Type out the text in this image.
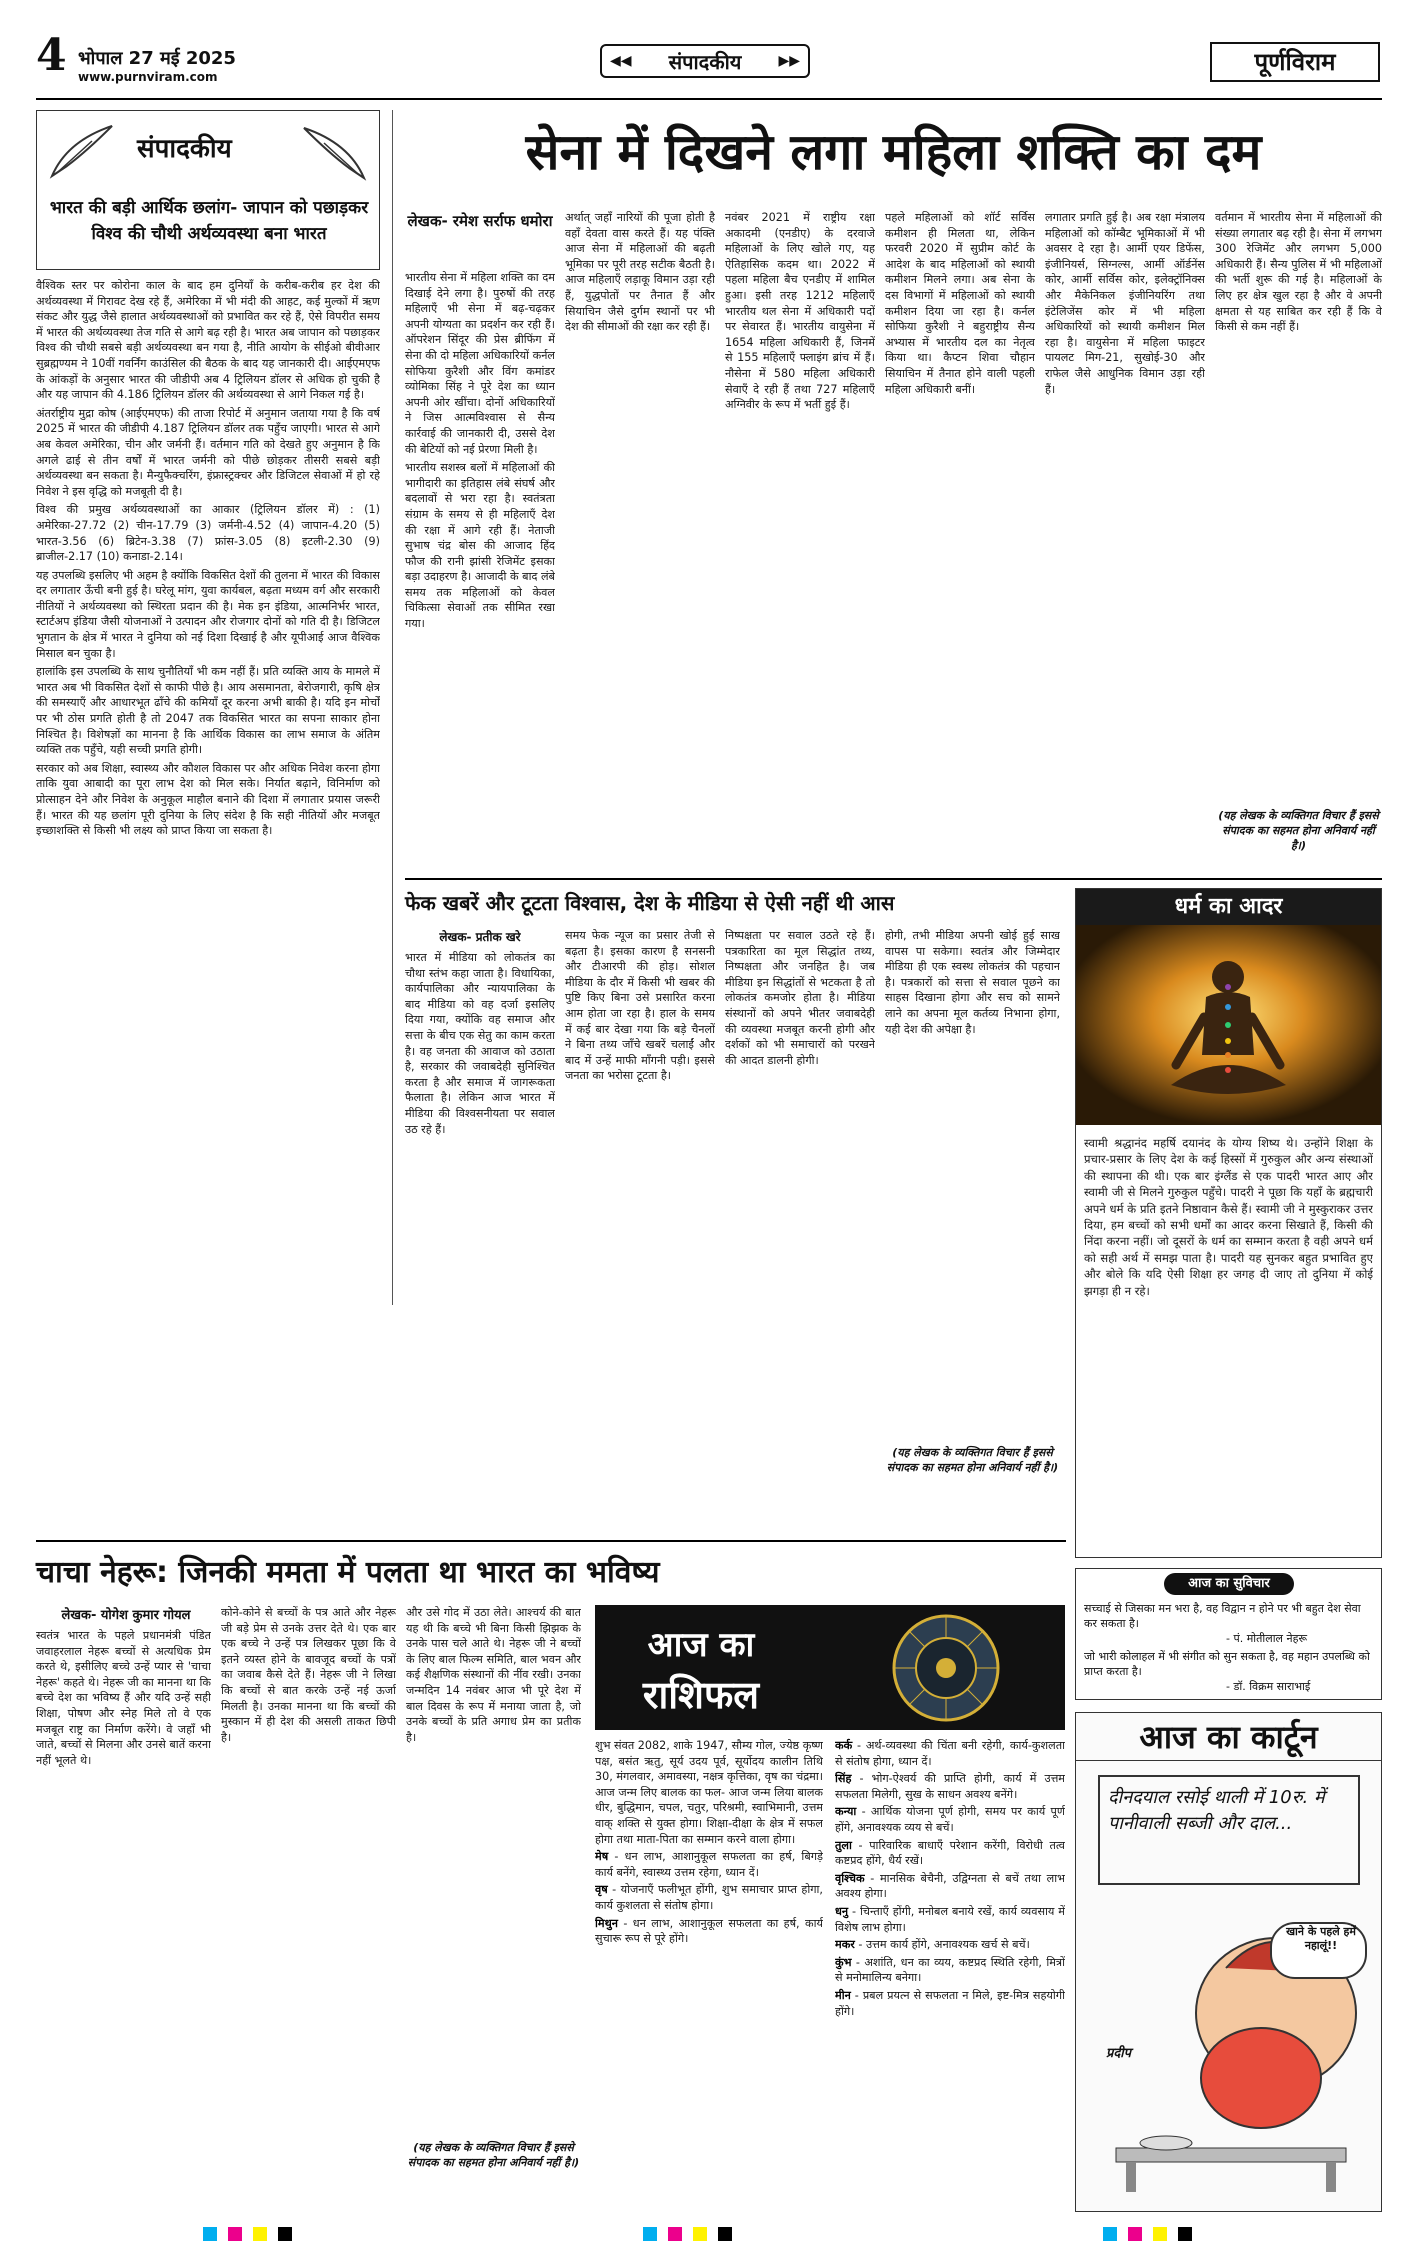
4 भोपाल 27 मई 2025
www.purnviram.com
◀◀ संपादकीय	▶▶	पूर्णविराम
संपादकीय
भारत की बड़ी आर्थिक छलांग- जापान को पछाड़कर विश्व की चौथी अर्थव्यवस्था बना भारत

वैश्विक स्तर पर कोरोना काल के बाद हम दुनियाँ के करीब-करीब हर देश की अर्थव्यवस्था में गिरावट देख रहे हैं, अमेरिका में भी मंदी की आहट, कई मुल्कों में ऋण संकट और युद्ध जैसे हालात अर्थव्यवस्थाओं को प्रभावित कर रहे हैं, ऐसे विपरीत समय में भारत की अर्थव्यवस्था तेज गति से आगे बढ़ रही है। भारत अब जापान को पछाड़कर विश्व की चौथी सबसे बड़ी अर्थव्यवस्था बन गया है, नीति आयोग के सीईओ बीवीआर सुब्रह्मण्यम ने 10वीं गवर्निंग काउंसिल की बैठक के बाद यह जानकारी दी। आईएमएफ के आंकड़ों के अनुसार भारत की जीडीपी अब 4 ट्रिलियन डॉलर से अधिक हो चुकी है और यह जापान की 4.186 ट्रिलियन डॉलर की अर्थव्यवस्था से आगे निकल गई है।

अंतर्राष्ट्रीय मुद्रा कोष (आईएमएफ) की ताजा रिपोर्ट में अनुमान जताया गया है कि वर्ष 2025 में भारत की जीडीपी 4.187 ट्रिलियन डॉलर तक पहुँच जाएगी। भारत से आगे अब केवल अमेरिका, चीन और जर्मनी हैं। वर्तमान गति को देखते हुए अनुमान है कि अगले ढाई से तीन वर्षों में भारत जर्मनी को पीछे छोड़कर तीसरी सबसे बड़ी अर्थव्यवस्था बन सकता है। मैन्युफैक्चरिंग, इंफ्रास्ट्रक्चर और डिजिटल सेवाओं में हो रहे निवेश ने इस वृद्धि को मजबूती दी है।

विश्व की प्रमुख अर्थव्यवस्थाओं का आकार (ट्रिलियन डॉलर में) : (1) अमेरिका-27.72 (2) चीन-17.79 (3) जर्मनी-4.52 (4) जापान-4.20 (5) भारत-3.56 (6) ब्रिटेन-3.38 (7) फ्रांस-3.05 (8) इटली-2.30 (9) ब्राजील-2.17 (10) कनाडा-2.14।

यह उपलब्धि इसलिए भी अहम है क्योंकि विकसित देशों की तुलना में भारत की विकास दर लगातार ऊँची बनी हुई है। घरेलू मांग, युवा कार्यबल, बढ़ता मध्यम वर्ग और सरकारी नीतियों ने अर्थव्यवस्था को स्थिरता प्रदान की है। मेक इन इंडिया, आत्मनिर्भर भारत, स्टार्टअप इंडिया जैसी योजनाओं ने उत्पादन और रोजगार दोनों को गति दी है। डिजिटल भुगतान के क्षेत्र में भारत ने दुनिया को नई दिशा दिखाई है और यूपीआई आज वैश्विक मिसाल बन चुका है।

हालांकि इस उपलब्धि के साथ चुनौतियाँ भी कम नहीं हैं। प्रति व्यक्ति आय के मामले में भारत अब भी विकसित देशों से काफी पीछे है। आय असमानता, बेरोजगारी, कृषि क्षेत्र की समस्याएँ और आधारभूत ढाँचे की कमियाँ दूर करना अभी बाकी है। यदि इन मोर्चों पर भी ठोस प्रगति होती है तो 2047 तक विकसित भारत का सपना साकार होना निश्चित है। विशेषज्ञों का मानना है कि आर्थिक विकास का लाभ समाज के अंतिम व्यक्ति तक पहुँचे, यही सच्ची प्रगति होगी।

सरकार को अब शिक्षा, स्वास्थ्य और कौशल विकास पर और अधिक निवेश करना होगा ताकि युवा आबादी का पूरा लाभ देश को मिल सके। निर्यात बढ़ाने, विनिर्माण को प्रोत्साहन देने और निवेश के अनुकूल माहौल बनाने की दिशा में लगातार प्रयास जरूरी हैं। भारत की यह छलांग पूरी दुनिया के लिए संदेश है कि सही नीतियों और मजबूत इच्छाशक्ति से किसी भी लक्ष्य को प्राप्त किया जा सकता है।

सेना में दिखने लगा महिला शक्ति का दम
लेखक- रमेश सर्राफ धमोरा

भारतीय सेना में महिला शक्ति का दम दिखाई देने लगा है। पुरुषों की तरह महिलाएँ भी सेना में बढ़-चढ़कर अपनी योग्यता का प्रदर्शन कर रही हैं। ऑपरेशन सिंदूर की प्रेस ब्रीफिंग में सेना की दो महिला अधिकारियों कर्नल सोफिया कुरैशी और विंग कमांडर व्योमिका सिंह ने पूरे देश का ध्यान अपनी ओर खींचा। दोनों अधिकारियों ने जिस आत्मविश्वास से सैन्य कार्रवाई की जानकारी दी, उससे देश की बेटियों को नई प्रेरणा मिली है।

भारतीय सशस्त्र बलों में महिलाओं की भागीदारी का इतिहास लंबे संघर्ष और बदलावों से भरा रहा है। स्वतंत्रता संग्राम के समय से ही महिलाएँ देश की रक्षा में आगे रही हैं। नेताजी सुभाष चंद्र बोस की आजाद हिंद फौज की रानी झांसी रेजिमेंट इसका बड़ा उदाहरण है। आजादी के बाद लंबे समय तक महिलाओं को केवल चिकित्सा सेवाओं तक सीमित रखा गया।

अर्थात् जहाँ नारियों की पूजा होती है वहाँ देवता वास करते हैं। यह पंक्ति आज सेना में महिलाओं की बढ़ती भूमिका पर पूरी तरह सटीक बैठती है। आज महिलाएँ लड़ाकू विमान उड़ा रही हैं, युद्धपोतों पर तैनात हैं और सियाचिन जैसे दुर्गम स्थानों पर भी देश की सीमाओं की रक्षा कर रही हैं।

नवंबर 2021 में राष्ट्रीय रक्षा अकादमी (एनडीए) के दरवाजे महिलाओं के लिए खोले गए, यह ऐतिहासिक कदम था। 2022 में पहला महिला बैच एनडीए में शामिल हुआ। इसी तरह 1212 महिलाएँ भारतीय थल सेना में अधिकारी पदों पर सेवारत हैं। भारतीय वायुसेना में 1654 महिला अधिकारी हैं, जिनमें से 155 महिलाएँ फ्लाइंग ब्रांच में हैं। नौसेना में 580 महिला अधिकारी सेवाएँ दे रही हैं तथा 727 महिलाएँ अग्निवीर के रूप में भर्ती हुई हैं।

पहले महिलाओं को शॉर्ट सर्विस कमीशन ही मिलता था, लेकिन फरवरी 2020 में सुप्रीम कोर्ट के आदेश के बाद महिलाओं को स्थायी कमीशन मिलने लगा। अब सेना के दस विभागों में महिलाओं को स्थायी कमीशन दिया जा रहा है। कर्नल सोफिया कुरैशी ने बहुराष्ट्रीय सैन्य अभ्यास में भारतीय दल का नेतृत्व किया था। कैप्टन शिवा चौहान सियाचिन में तैनात होने वाली पहली महिला अधिकारी बनीं।

लगातार प्रगति हुई है। अब रक्षा मंत्रालय महिलाओं को कॉम्बैट भूमिकाओं में भी अवसर दे रहा है। आर्मी एयर डिफेंस, इंजीनियर्स, सिग्नल्स, आर्मी ऑर्डनेंस कोर, आर्मी सर्विस कोर, इलेक्ट्रॉनिक्स और मैकेनिकल इंजीनियरिंग तथा इंटेलिजेंस कोर में भी महिला अधिकारियों को स्थायी कमीशन मिल रहा है। वायुसेना में महिला फाइटर पायलट मिग-21, सुखोई-30 और राफेल जैसे आधुनिक विमान उड़ा रही हैं।

वर्तमान में भारतीय सेना में महिलाओं की संख्या लगातार बढ़ रही है। सेना में लगभग 300 रेजिमेंट और लगभग 5,000 अधिकारी हैं। सैन्य पुलिस में भी महिलाओं की भर्ती शुरू की गई है। महिलाओं के लिए हर क्षेत्र खुल रहा है और वे अपनी क्षमता से यह साबित कर रही हैं कि वे किसी से कम नहीं हैं।

(यह लेखक के व्यक्तिगत विचार हैं इससे संपादक का सहमत होना अनिवार्य नहीं है।)
फेक खबरें और टूटता विश्वास, देश के मीडिया से ऐसी नहीं थी आस
लेखक- प्रतीक खरे

भारत में मीडिया को लोकतंत्र का चौथा स्तंभ कहा जाता है। विधायिका, कार्यपालिका और न्यायपालिका के बाद मीडिया को वह दर्जा इसलिए दिया गया, क्योंकि वह समाज और सत्ता के बीच एक सेतु का काम करता है। वह जनता की आवाज को उठाता है, सरकार की जवाबदेही सुनिश्चित करता है और समाज में जागरूकता फैलाता है। लेकिन आज भारत में मीडिया की विश्वसनीयता पर सवाल उठ रहे हैं।

समय फेक न्यूज का प्रसार तेजी से बढ़ता है। इसका कारण है सनसनी और टीआरपी की होड़। सोशल मीडिया के दौर में किसी भी खबर की पुष्टि किए बिना उसे प्रसारित करना आम होता जा रहा है। हाल के समय में कई बार देखा गया कि बड़े चैनलों ने बिना तथ्य जाँचे खबरें चलाईं और बाद में उन्हें माफी माँगनी पड़ी। इससे जनता का भरोसा टूटता है।

निष्पक्षता पर सवाल उठते रहे हैं। पत्रकारिता का मूल सिद्धांत तथ्य, निष्पक्षता और जनहित है। जब मीडिया इन सिद्धांतों से भटकता है तो लोकतंत्र कमजोर होता है। मीडिया संस्थानों को अपने भीतर जवाबदेही की व्यवस्था मजबूत करनी होगी और दर्शकों को भी समाचारों को परखने की आदत डालनी होगी।

होगी, तभी मीडिया अपनी खोई हुई साख वापस पा सकेगा। स्वतंत्र और जिम्मेदार मीडिया ही एक स्वस्थ लोकतंत्र की पहचान है। पत्रकारों को सत्ता से सवाल पूछने का साहस दिखाना होगा और सच को सामने लाने का अपना मूल कर्तव्य निभाना होगा, यही देश की अपेक्षा है।

(यह लेखक के व्यक्तिगत विचार हैं इससे संपादक का सहमत होना अनिवार्य नहीं है।)
धर्म का आदर
स्वामी श्रद्धानंद महर्षि दयानंद के योग्य शिष्य थे। उन्होंने शिक्षा के प्रचार-प्रसार के लिए देश के कई हिस्सों में गुरुकुल और अन्य संस्थाओं की स्थापना की थी। एक बार इंग्लैंड से एक पादरी भारत आए और स्वामी जी से मिलने गुरुकुल पहुँचे। पादरी ने पूछा कि यहाँ के ब्रह्मचारी अपने धर्म के प्रति इतने निष्ठावान कैसे हैं। स्वामी जी ने मुस्कुराकर उत्तर दिया, हम बच्चों को सभी धर्मों का आदर करना सिखाते हैं, किसी की निंदा करना नहीं। जो दूसरों के धर्म का सम्मान करता है वही अपने धर्म को सही अर्थ में समझ पाता है। पादरी यह सुनकर बहुत प्रभावित हुए और बोले कि यदि ऐसी शिक्षा हर जगह दी जाए तो दुनिया में कोई झगड़ा ही न रहे।
आज का सुविचार
सच्चाई से जिसका मन भरा है, वह विद्वान न होने पर भी बहुत देश सेवा कर सकता है।
- पं. मोतीलाल नेहरू
जो भारी कोलाहल में भी संगीत को सुन सकता है, वह महान उपलब्धि को प्राप्त करता है।
- डॉ. विक्रम साराभाई
आज का कार्टून
दीनदयाल रसोई थाली में 10रु. में पानीवाली सब्जी और दाल...
खाने के पहले हमें नहालूं!!
प्रदीप
चाचा नेहरू: जिनकी ममता में पलता था भारत का भविष्य
लेखक- योगेश कुमार गोयल

स्वतंत्र भारत के पहले प्रधानमंत्री पंडित जवाहरलाल नेहरू बच्चों से अत्यधिक प्रेम करते थे, इसीलिए बच्चे उन्हें प्यार से 'चाचा नेहरू' कहते थे। नेहरू जी का मानना था कि बच्चे देश का भविष्य हैं और यदि उन्हें सही शिक्षा, पोषण और स्नेह मिले तो वे एक मजबूत राष्ट्र का निर्माण करेंगे। वे जहाँ भी जाते, बच्चों से मिलना और उनसे बातें करना नहीं भूलते थे।

कोने-कोने से बच्चों के पत्र आते और नेहरू जी बड़े प्रेम से उनके उत्तर देते थे। एक बार एक बच्चे ने उन्हें पत्र लिखकर पूछा कि वे इतने व्यस्त होने के बावजूद बच्चों के पत्रों का जवाब कैसे देते हैं। नेहरू जी ने लिखा कि बच्चों से बात करके उन्हें नई ऊर्जा मिलती है। उनका मानना था कि बच्चों की मुस्कान में ही देश की असली ताकत छिपी है।

और उसे गोद में उठा लेते। आश्चर्य की बात यह थी कि बच्चे भी बिना किसी झिझक के उनके पास चले आते थे। नेहरू जी ने बच्चों के लिए बाल फिल्म समिति, बाल भवन और कई शैक्षणिक संस्थानों की नींव रखी। उनका जन्मदिन 14 नवंबर आज भी पूरे देश में बाल दिवस के रूप में मनाया जाता है, जो उनके बच्चों के प्रति अगाध प्रेम का प्रतीक है।

(यह लेखक के व्यक्तिगत विचार हैं इससे संपादक का सहमत होना अनिवार्य नहीं है।)
आज का
राशिफल

शुभ संवत 2082, शाके 1947, सौम्य गोल, ज्येष्ठ कृष्ण पक्ष, बसंत ऋतु, सूर्य उदय पूर्व, सूर्योदय कालीन तिथि 30, मंगलवार, अमावस्या, नक्षत्र कृत्तिका, वृष का चंद्रमा। आज जन्म लिए बालक का फल- आज जन्म लिया बालक धीर, बुद्धिमान, चपल, चतुर, परिश्रमी, स्वाभिमानी, उत्तम वाक् शक्ति से युक्त होगा। शिक्षा-दीक्षा के क्षेत्र में सफल होगा तथा माता-पिता का सम्मान करने वाला होगा।

मेष - धन लाभ, आशानुकूल सफलता का हर्ष, बिगड़े कार्य बनेंगे, स्वास्थ्य उत्तम रहेगा, ध्यान दें।

वृष - योजनाएँ फलीभूत होंगी, शुभ समाचार प्राप्त होगा, कार्य कुशलता से संतोष होगा।

मिथुन - धन लाभ, आशानुकूल सफलता का हर्ष, कार्य सुचारू रूप से पूरे होंगे।

कर्क - अर्थ-व्यवस्था की चिंता बनी रहेगी, कार्य-कुशलता से संतोष होगा, ध्यान दें।

सिंह - भोग-ऐश्वर्य की प्राप्ति होगी, कार्य में उत्तम सफलता मिलेगी, सुख के साधन अवश्य बनेंगे।

कन्या - आर्थिक योजना पूर्ण होगी, समय पर कार्य पूर्ण होंगे, अनावश्यक व्यय से बचें।

तुला - पारिवारिक बाधाएँ परेशान करेंगी, विरोधी तत्व कष्टप्रद होंगे, धैर्य रखें।

वृश्चिक - मानसिक बेचैनी, उद्विग्नता से बचें तथा लाभ अवश्य होगा।

धनु - चिन्ताएँ होंगी, मनोबल बनाये रखें, कार्य व्यवसाय में विशेष लाभ होगा।

मकर - उत्तम कार्य होंगे, अनावश्यक खर्च से बचें।

कुंभ - अशांति, धन का व्यय, कष्टप्रद स्थिति रहेगी, मित्रों से मनोमालिन्य बनेगा।

मीन - प्रबल प्रयत्न से सफलता न मिले, इष्ट-मित्र सहयोगी होंगे।
